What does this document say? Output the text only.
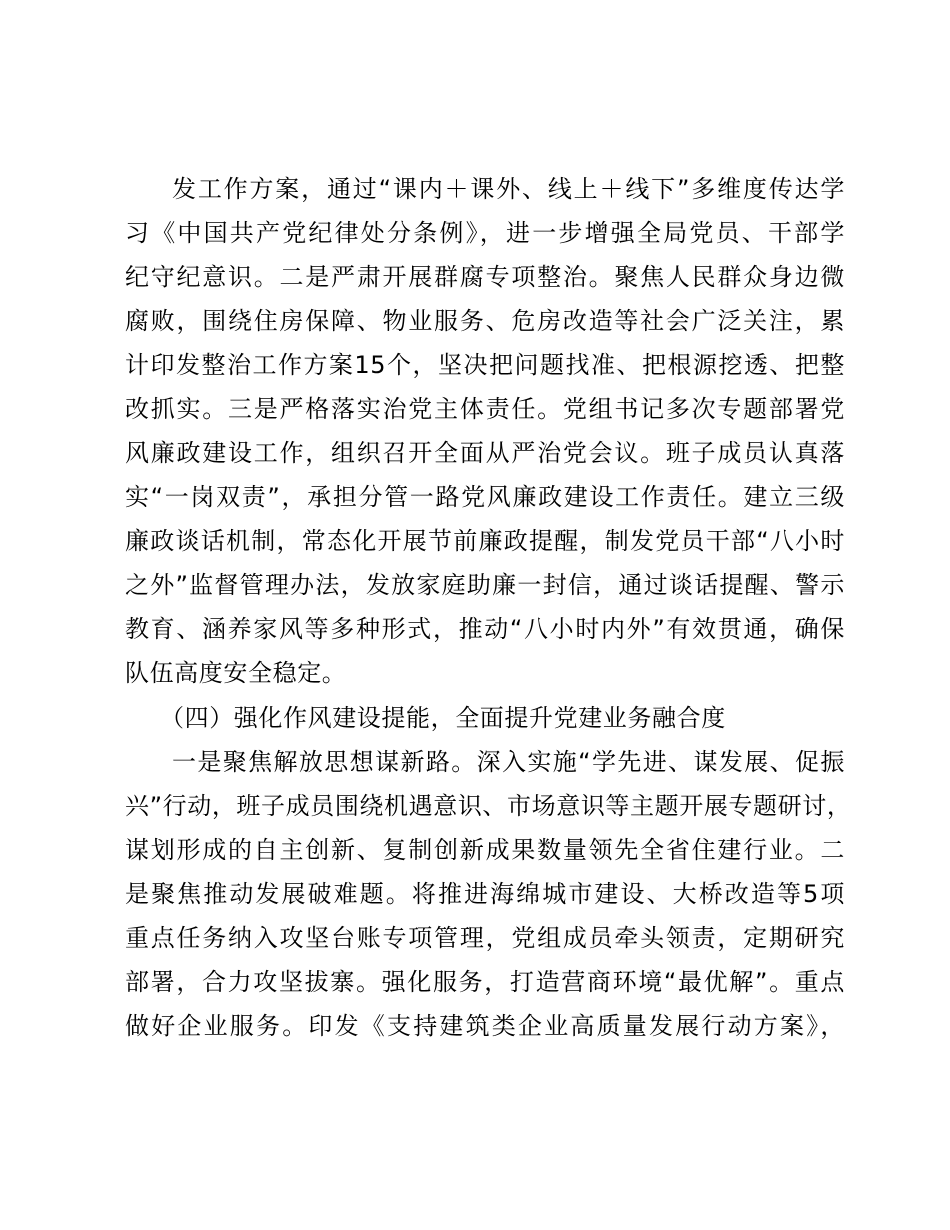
发工作方案，通过“课内＋课外、线上＋线下”多维度传达学
习《中国共产党纪律处分条例》，进一步增强全局党员、干部学
纪守纪意识。二是严肃开展群腐专项整治。聚焦人民群众身边微
腐败，围绕住房保障、物业服务、危房改造等社会广泛关注，累
计印发整治工作方案15个，坚决把问题找准、把根源挖透、把整
改抓实。三是严格落实治党主体责任。党组书记多次专题部署党
风廉政建设工作，组织召开全面从严治党会议。班子成员认真落
实“一岗双责”，承担分管一路党风廉政建设工作责任。建立三级
廉政谈话机制，常态化开展节前廉政提醒，制发党员干部“八小时
之外”监督管理办法，发放家庭助廉一封信，通过谈话提醒、警示
教育、涵养家风等多种形式，推动“八小时内外”有效贯通，确保
队伍高度安全稳定。
（四）强化作风建设提能，全面提升党建业务融合度
一是聚焦解放思想谋新路。深入实施“学先进、谋发展、促振
兴”行动，班子成员围绕机遇意识、市场意识等主题开展专题研讨，
谋划形成的自主创新、复制创新成果数量领先全省住建行业。二
是聚焦推动发展破难题。将推进海绵城市建设、大桥改造等5项
重点任务纳入攻坚台账专项管理，党组成员牵头领责，定期研究
部署，合力攻坚拔寨。强化服务，打造营商环境“最优解”。重点
做好企业服务。印发《支持建筑类企业高质量发展行动方案》，
